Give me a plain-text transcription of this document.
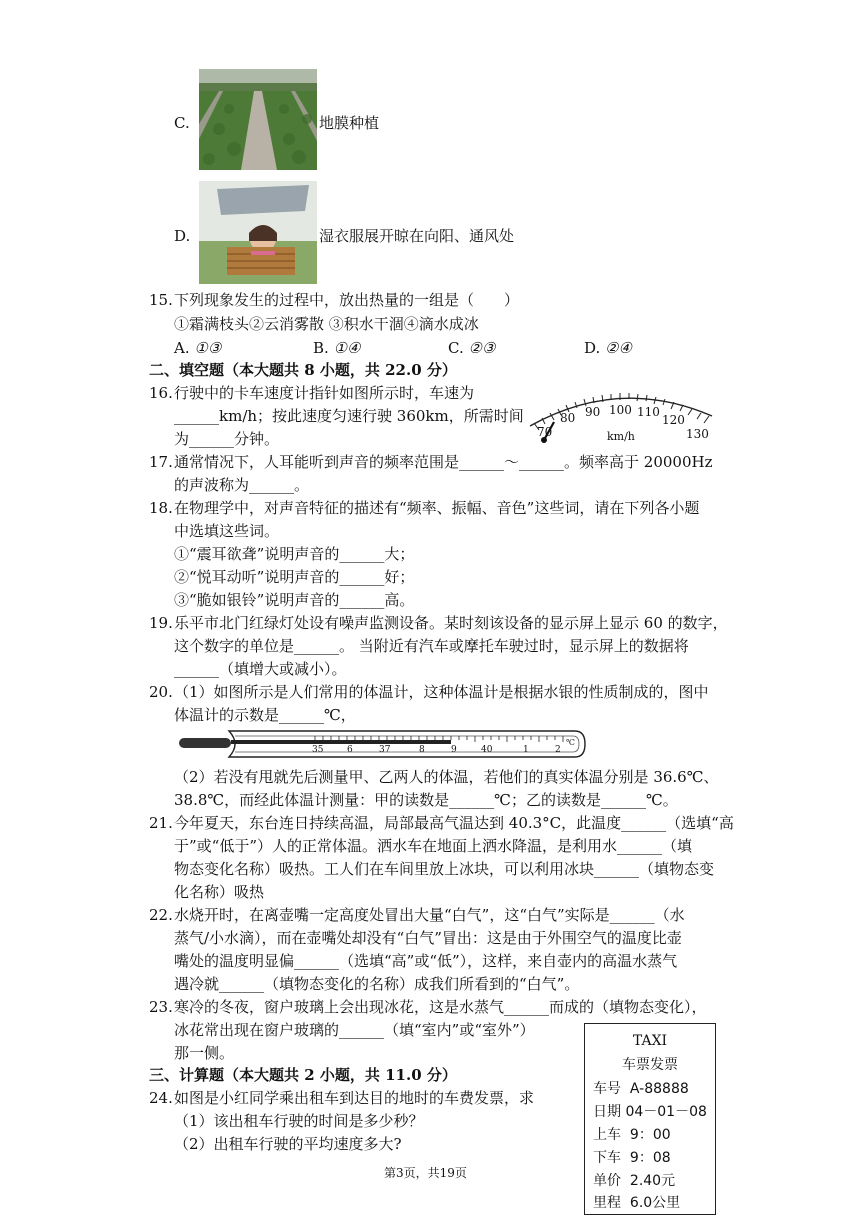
C.	地膜种植
D.	湿衣服展开晾在向阳、通风处
15. 下列现象发生的过程中，放出热量的一组是（　　）
①霜满枝头②云消雾散 ③积水干涸④滴水成冰
A. ①③	B. ①④	C. ②③	D. ②④
二、填空题（本大题共 8 小题，共 22.0 分）
16. 行驶中的卡车速度计指针如图所示时，车速为
______km/h；按此速度匀速行驶 360km，所需时间
为______分钟。	70
80 90 100 110
120
130
km/h
17. 通常情况下，人耳能听到声音的频率范围是______～______。频率高于 20000Hz
的声波称为______。
18. 在物理学中，对声音特征的描述有“频率、振幅、音色”这些词，请在下列各小题
中选填这些词。
①“震耳欲聋”说明声音的______大；
②“悦耳动听”说明声音的______好；
③“脆如银铃”说明声音的______高。
19. 乐平市北门红绿灯处设有噪声监测设备。某时刻该设备的显示屏上显示 60 的数字，
这个数字的单位是______。 当附近有汽车或摩托车驶过时，显示屏上的数据将
______（填增大或减小）。
20. （1）如图所示是人们常用的体温计，这种体温计是根据水银的性质制成的，图中
体温计的示数是______℃，
35	6	37	8	9	40	1	2
℃
（2）若没有甩就先后测量甲、乙两人的体温，若他们的真实体温分别是 36.6℃、
38.8℃，而经此体温计测量：甲的读数是______℃；乙的读数是______℃。
21. 今年夏天，东台连日持续高温，局部最高气温达到 40.3°C，此温度______（选填“高
于”或“低于”）人的正常体温。洒水车在地面上洒水降温，是利用水______（填
物态变化名称）吸热。工人们在车间里放上冰块，可以利用冰块______（填物态变
化名称）吸热
22. 水烧开时，在离壶嘴一定高度处冒出大量“白气”，这“白气”实际是______（水
蒸气/小水滴），而在壶嘴处却没有“白气”冒出：这是由于外围空气的温度比壶
嘴处的温度明显偏______（选填“高”或“低”），这样，来自壶内的高温水蒸气
遇冷就______（填物态变化的名称）成我们所看到的“白气”。
23. 寒冷的冬夜，窗户玻璃上会出现冰花，这是水蒸气______而成的（填物态变化），
冰花常出现在窗户玻璃的______（填“室内”或“室外”）
那一侧。
三、计算题（本大题共 2 小题，共 11.0 分）
24. 如图是小红同学乘出租车到达目的地时的车费发票，求
（1）该出租车行驶的时间是多少秒？
（2）出租车行驶的平均速度多大?
TAXI
车票发票
车号 A-88888
日期 04－01－08
上车 9：00
下车 9：08
单价 2.40元
里程 6.0公里
第3页，共19页
